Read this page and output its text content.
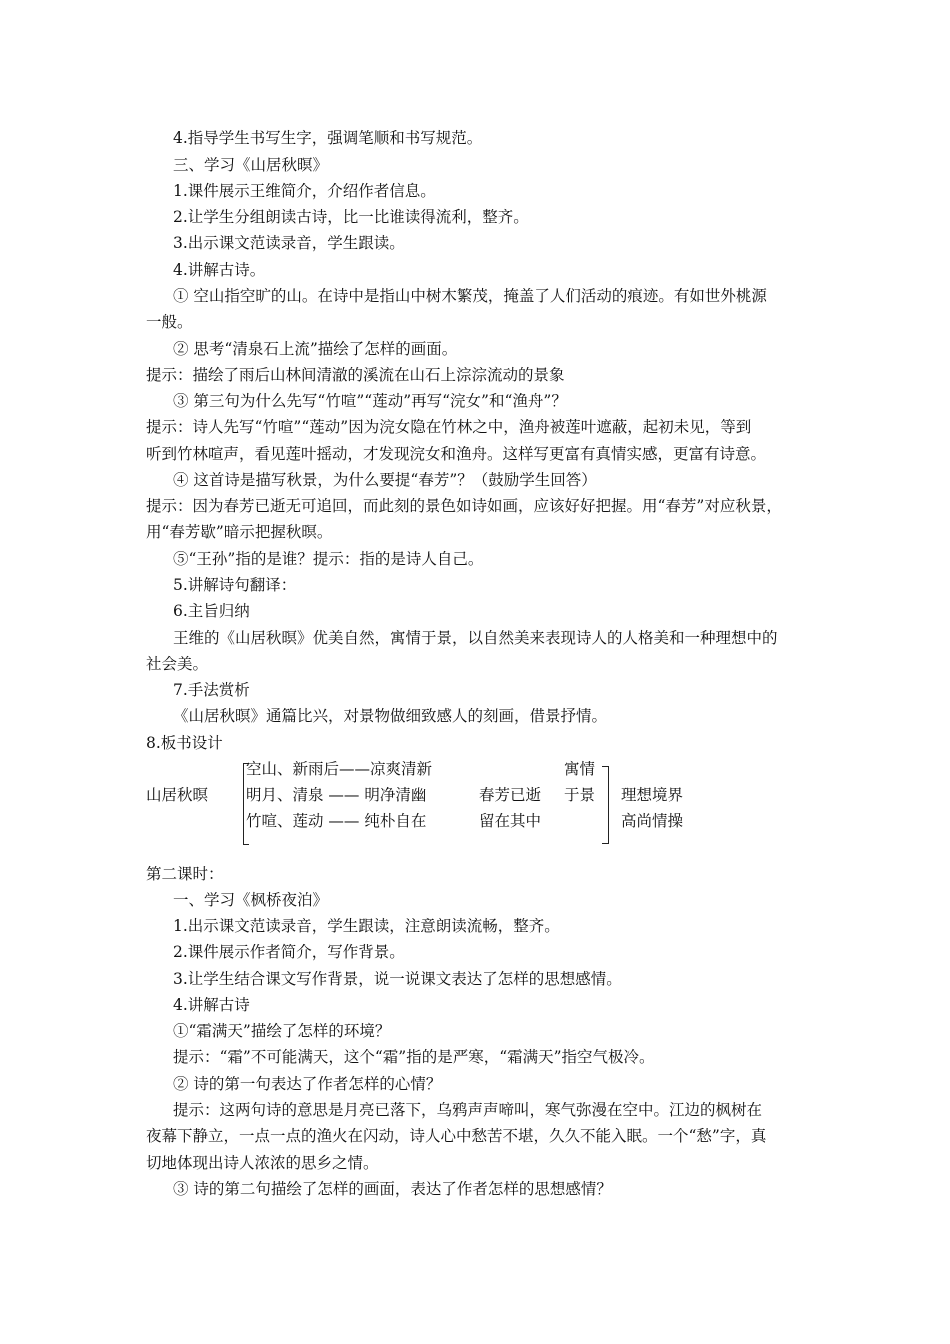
4.指导学生书写生字，强调笔顺和书写规范。
三、学习《山居秋暝》
1.课件展示王维简介，介绍作者信息。
2.让学生分组朗读古诗，比一比谁读得流利，整齐。
3.出示课文范读录音，学生跟读。
4.讲解古诗。
① 空山指空旷的山。在诗中是指山中树木繁茂，掩盖了人们活动的痕迹。有如世外桃源
一般。
② 思考“清泉石上流”描绘了怎样的画面。
提示：描绘了雨后山林间清澈的溪流在山石上淙淙流动的景象
③ 第三句为什么先写“竹喧”“莲动”再写“浣女”和“渔舟”？
提示：诗人先写“竹喧”“莲动”因为浣女隐在竹林之中，渔舟被莲叶遮蔽，起初未见，等到
听到竹林喧声，看见莲叶摇动，才发现浣女和渔舟。这样写更富有真情实感，更富有诗意。
④ 这首诗是描写秋景，为什么要提“春芳”？（鼓励学生回答）
提示：因为春芳已逝无可追回，而此刻的景色如诗如画，应该好好把握。用“春芳”对应秋景，
用“春芳歇”暗示把握秋暝。
⑤“王孙”指的是谁？提示：指的是诗人自己。
5.讲解诗句翻译：
6.主旨归纳
王维的《山居秋暝》优美自然，寓情于景，以自然美来表现诗人的人格美和一种理想中的
社会美。
7.手法赏析
《山居秋暝》通篇比兴，对景物做细致感人的刻画，借景抒情。
8.板书设计
山居秋暝
空山、新雨后——凉爽清新
明月、清泉 —— 明净清幽
竹喧、莲动 —— 纯朴自在
春芳已逝
留在其中
寓情
于景 理想境界
高尚情操
第二课时：
一、学习《枫桥夜泊》
1.出示课文范读录音，学生跟读，注意朗读流畅，整齐。
2.课件展示作者简介，写作背景。
3.让学生结合课文写作背景，说一说课文表达了怎样的思想感情。
4.讲解古诗
①“霜满天”描绘了怎样的环境？
提示：“霜”不可能满天，这个“霜”指的是严寒，“霜满天”指空气极冷。
② 诗的第一句表达了作者怎样的心情？
提示：这两句诗的意思是月亮已落下，乌鸦声声啼叫，寒气弥漫在空中。江边的枫树在
夜幕下静立，一点一点的渔火在闪动，诗人心中愁苦不堪，久久不能入眠。一个“愁”字，真
切地体现出诗人浓浓的思乡之情。
③ 诗的第二句描绘了怎样的画面，表达了作者怎样的思想感情？
